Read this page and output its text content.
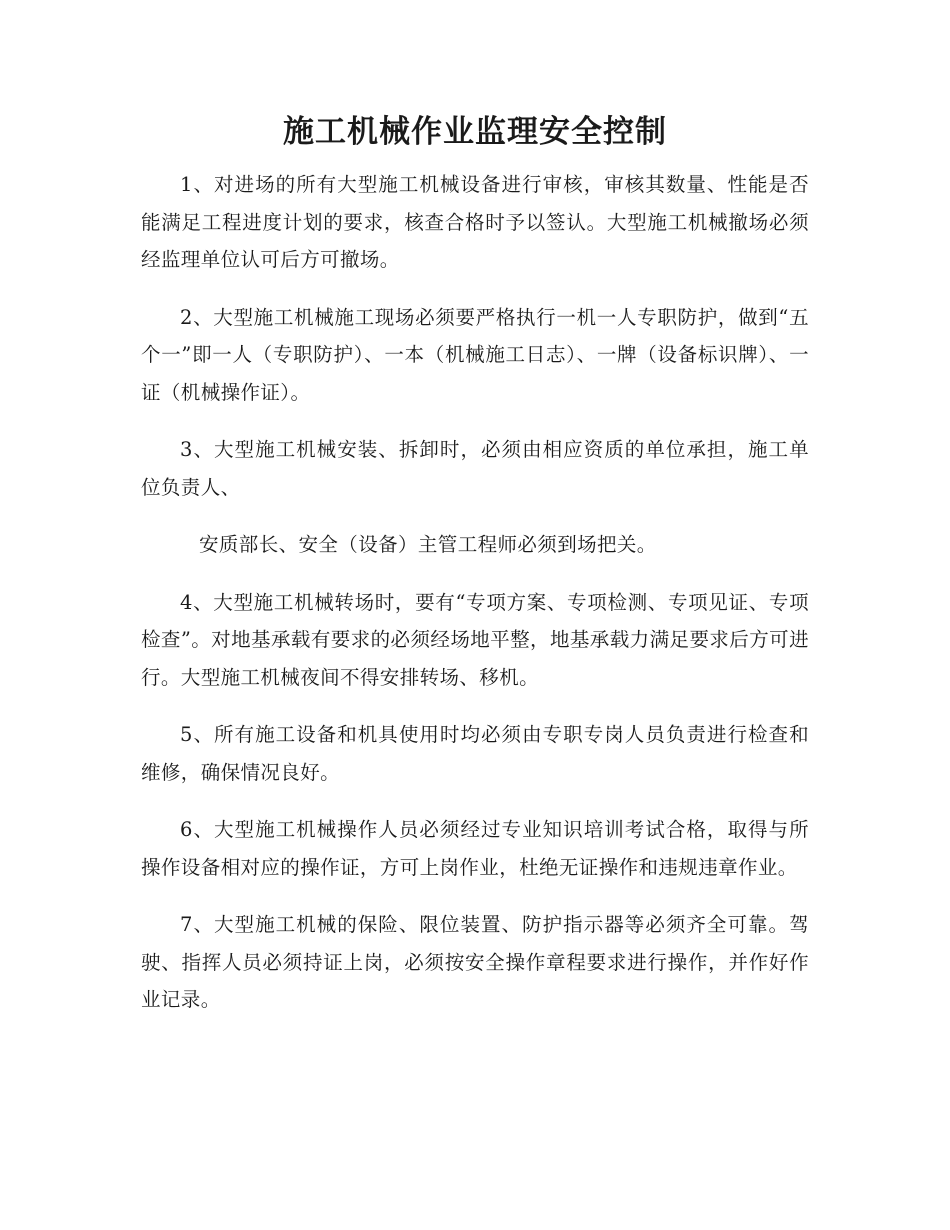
施工机械作业监理安全控制

1、对进场的所有大型施工机械设备进行审核，审核其数量、性能是否能满足工程进度计划的要求，核查合格时予以签认。大型施工机械撤场必须经监理单位认可后方可撤场。

2、大型施工机械施工现场必须要严格执行一机一人专职防护，做到“五个一”即一人（专职防护）、一本（机械施工日志）、一牌（设备标识牌）、一证（机械操作证）。

3、大型施工机械安装、拆卸时，必须由相应资质的单位承担，施工单位负责人、

安质部长、安全（设备）主管工程师必须到场把关。

4、大型施工机械转场时，要有“专项方案、专项检测、专项见证、专项检查”。对地基承载有要求的必须经场地平整，地基承载力满足要求后方可进行。大型施工机械夜间不得安排转场、移机。

5、所有施工设备和机具使用时均必须由专职专岗人员负责进行检查和维修，确保情况良好。

6、大型施工机械操作人员必须经过专业知识培训考试合格，取得与所操作设备相对应的操作证，方可上岗作业，杜绝无证操作和违规违章作业。

7、大型施工机械的保险、限位装置、防护指示器等必须齐全可靠。驾驶、指挥人员必须持证上岗，必须按安全操作章程要求进行操作，并作好作业记录。
